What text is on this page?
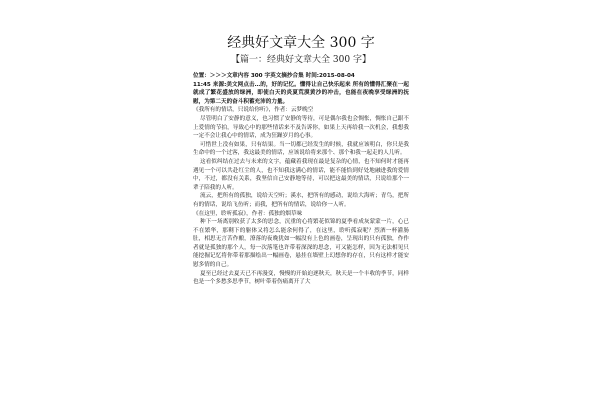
经典好文章大全 300 字
【篇一：经典好文章大全 300 字】

位置：＞＞＞文章内容 300 字英文摘抄合集 时间:2015-08-04

11:45 来源:美文网点击…的，好的记忆。懂得让自己快乐起来 所有的懂得汇聚在一起就成了繁花盛放的绿洲，即使白天的炎夏荒漠黄沙的冲击，也能在夜晚享受绿洲的抚慰，为第二天的奋斗积蓄充沛的力量。

《我所有的情话，只说给你听》，作者：云梦晚空

尽管明白了安静的意义，也习惯了安静的等待，可是偶尔我也会惆怅，惆怅自己跟不上爱情的节拍，导致心中的那些情话来不及告诉你，如果上天再给我一次机会，我想我一定不会让我心中的情话，成为狂躁岁月的心事。

可惜世上没有如果，只有结果。当一切都已经发生的时候，我就应该明白，你只是我生命中的一个过客，我这最美的情话，应该说给将来那个、那个和我一起走的人儿听。

这看似纠结在过去与未来的文字，蕴藏着我现在最是复杂的心情，也不知何时才能再遇见一个可以共赴红尘的人，也不知我这满心的情话，能不能恰到好处地融进我的爱情中，不过，都没有关系，我坚信自己安静地等待，可以把这最美的情话，只说给那个一辈子陪我的人听。

流云，把所有的孤独，说给天空听；溪水，把所有的感动，说给大海听；青鸟，把所有的情话，说给飞鱼听；而我，把所有的情话，说给你一人听。

《在这里，聆听孤寂》，作者：孤独的烟草味

种下一场离别收获了太多的思念，沉重的心将繁花似锦的夏季看成灰蒙蒙一片，心已不在繁华，那剩下的躯体又将怎么能余何得了，在这里，聆听孤寂呢？烈酒一杯灌肠肚，相思无言苦作酿，潦落的夜晚犹如一幅没有上色的画卷，呈现出的只有孤独，作作者就是孤独的那个人，每一次落笔也许带着深深的思念，可又能怎样，因为无法相见只能挖掘记忆将你带着那描绘出一幅画卷，悬挂在墙壁上幻想你的存在，只有这样才能安慰多情的自己。

夏至已经过去夏天已不再漫变，慢慢的开始迫逐秋天，秋天是一个丰收的季节，同样也是一个多愁多思季节，树叶带着伤痛离开了大
